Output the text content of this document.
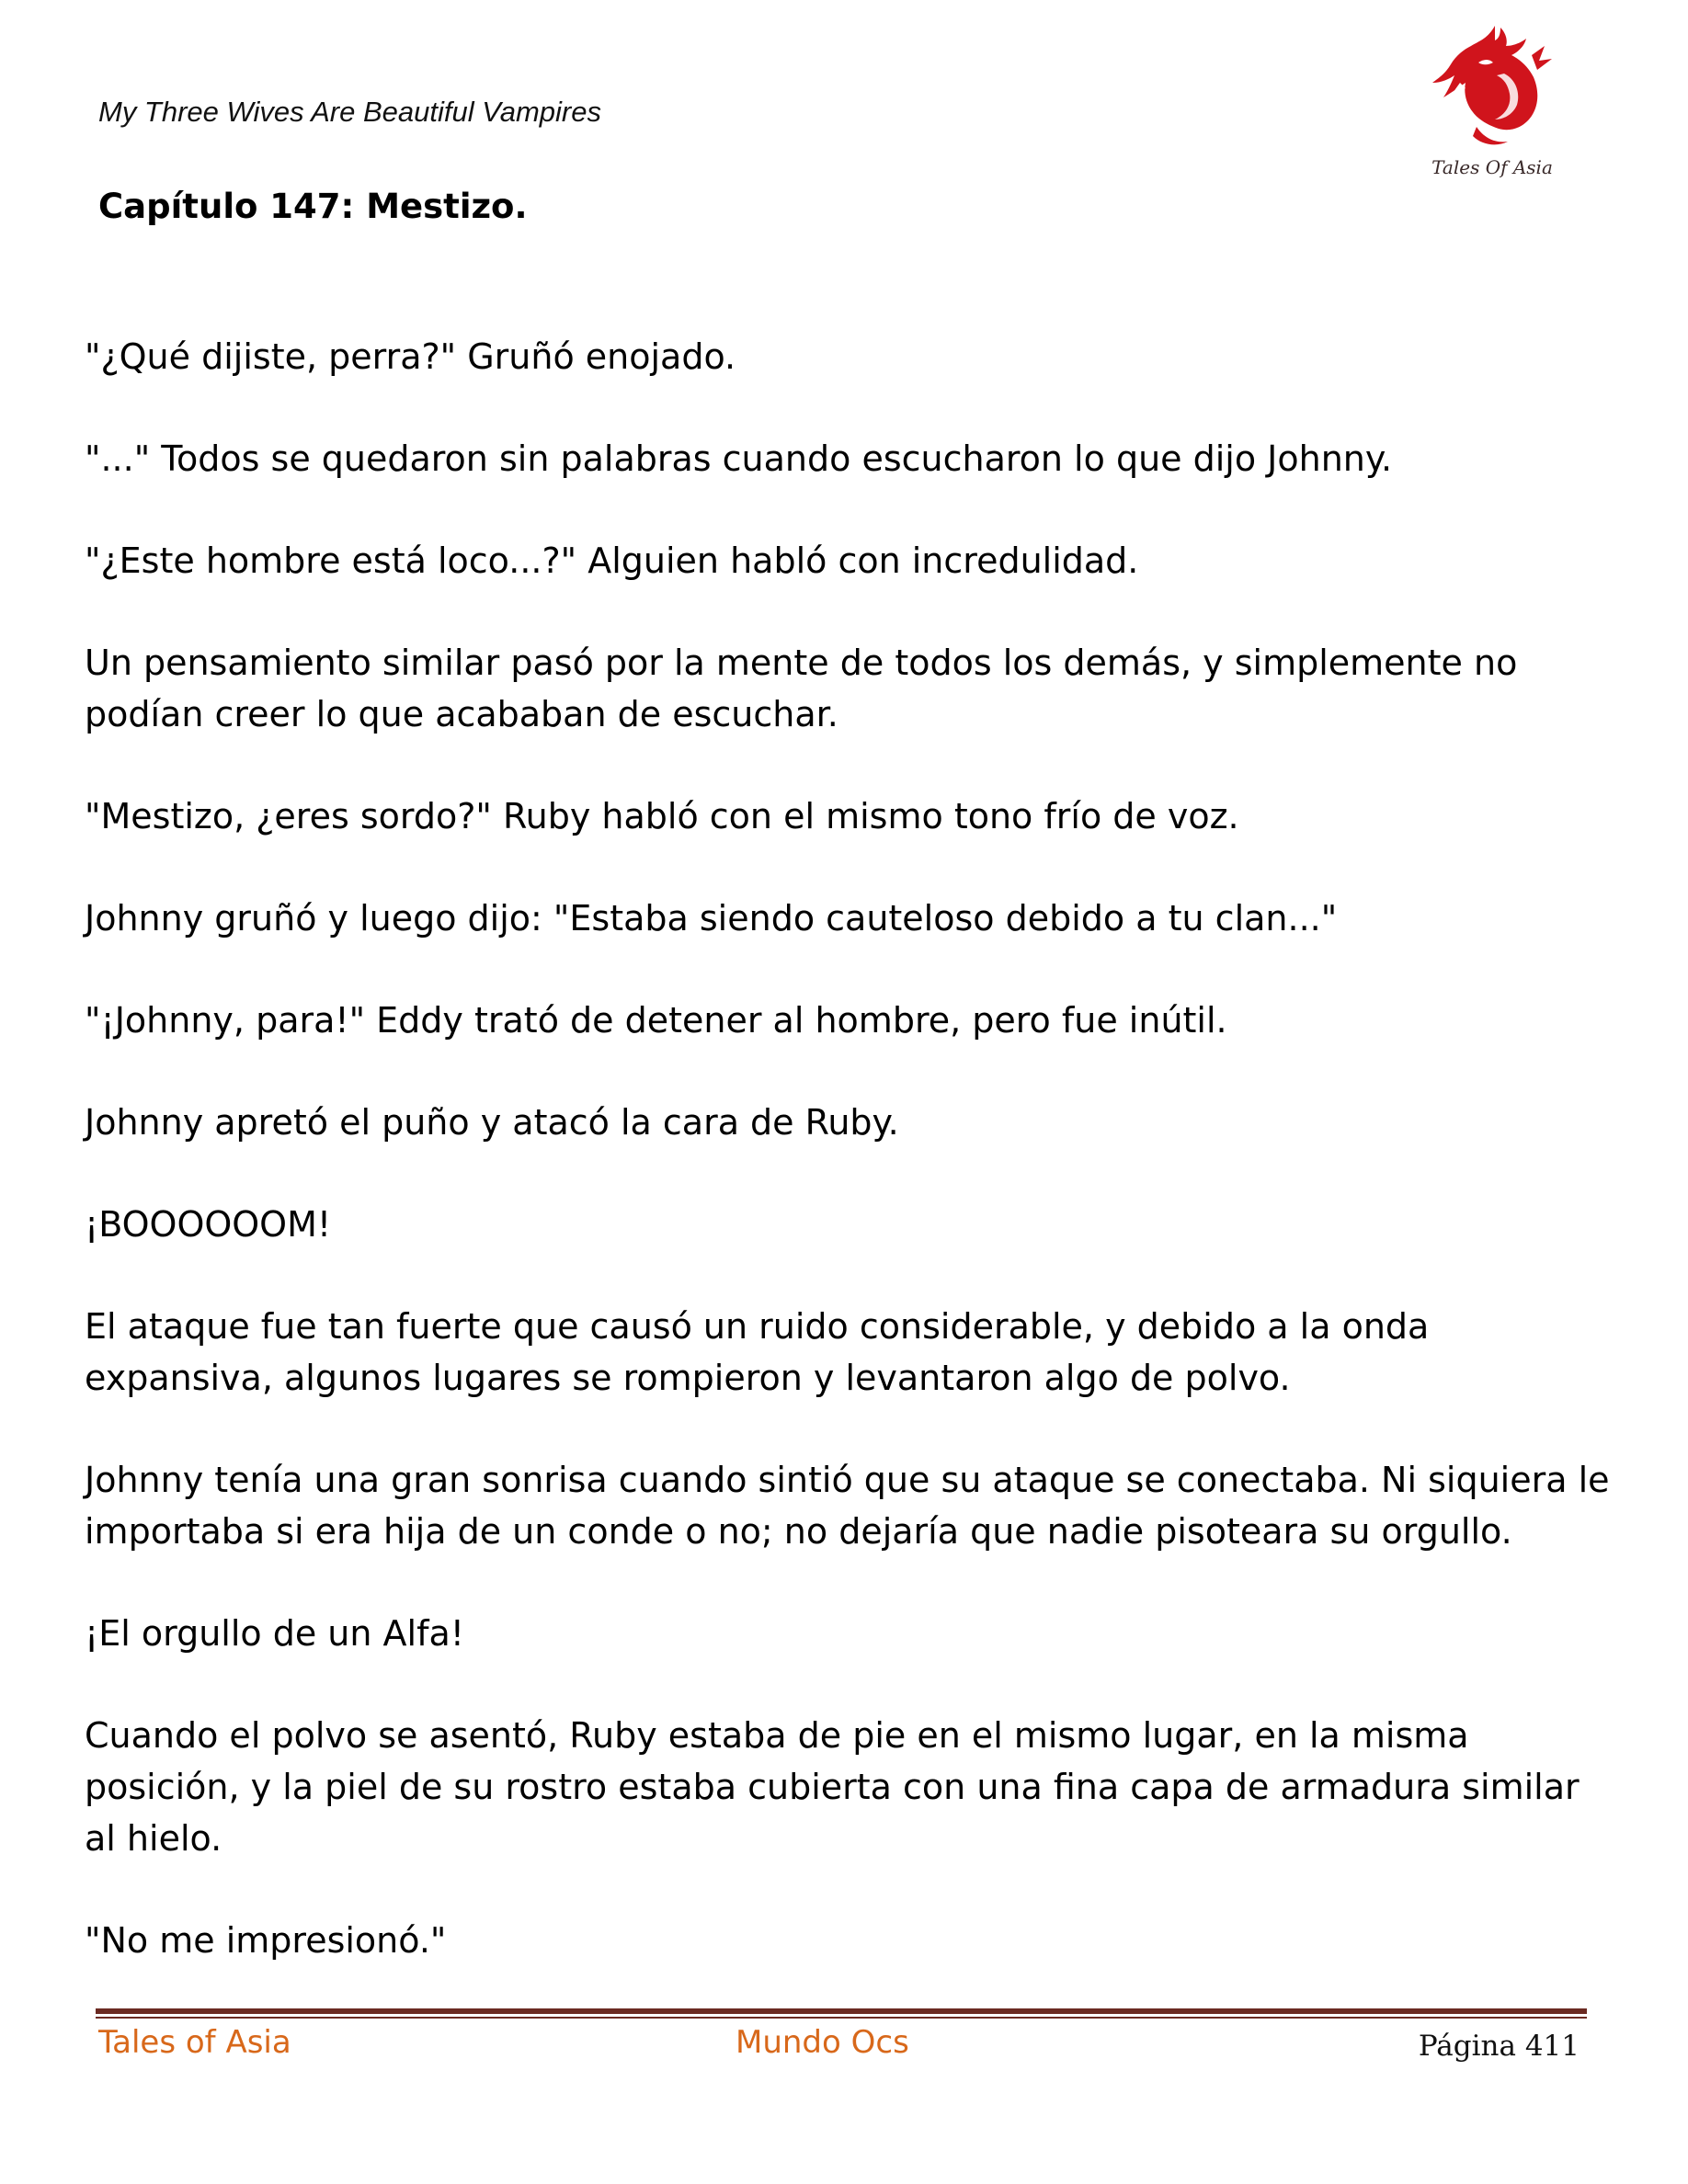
My Three Wives Are Beautiful Vampires
Tales Of Asia
Capítulo 147: Mestizo.

"¿Qué dijiste, perra?" Gruñó enojado.

"..." Todos se quedaron sin palabras cuando escucharon lo que dijo Johnny.

"¿Este hombre está loco...?" Alguien habló con incredulidad.

Un pensamiento similar pasó por la mente de todos los demás, y simplemente no podían creer lo que acababan de escuchar.

"Mestizo, ¿eres sordo?" Ruby habló con el mismo tono frío de voz.

Johnny gruñó y luego dijo: "Estaba siendo cauteloso debido a tu clan..."

"¡Johnny, para!" Eddy trató de detener al hombre, pero fue inútil.

Johnny apretó el puño y atacó la cara de Ruby.

¡BOOOOOOM!

El ataque fue tan fuerte que causó un ruido considerable, y debido a la onda expansiva, algunos lugares se rompieron y levantaron algo de polvo.

Johnny tenía una gran sonrisa cuando sintió que su ataque se conectaba. Ni siquiera le importaba si era hija de un conde o no; no dejaría que nadie pisoteara su orgullo.

¡El orgullo de un Alfa!

Cuando el polvo se asentó, Ruby estaba de pie en el mismo lugar, en la misma posición, y la piel de su rostro estaba cubierta con una fina capa de armadura similar al hielo.

"No me impresionó."

Tales of Asia	Mundo Ocs	Página 411
